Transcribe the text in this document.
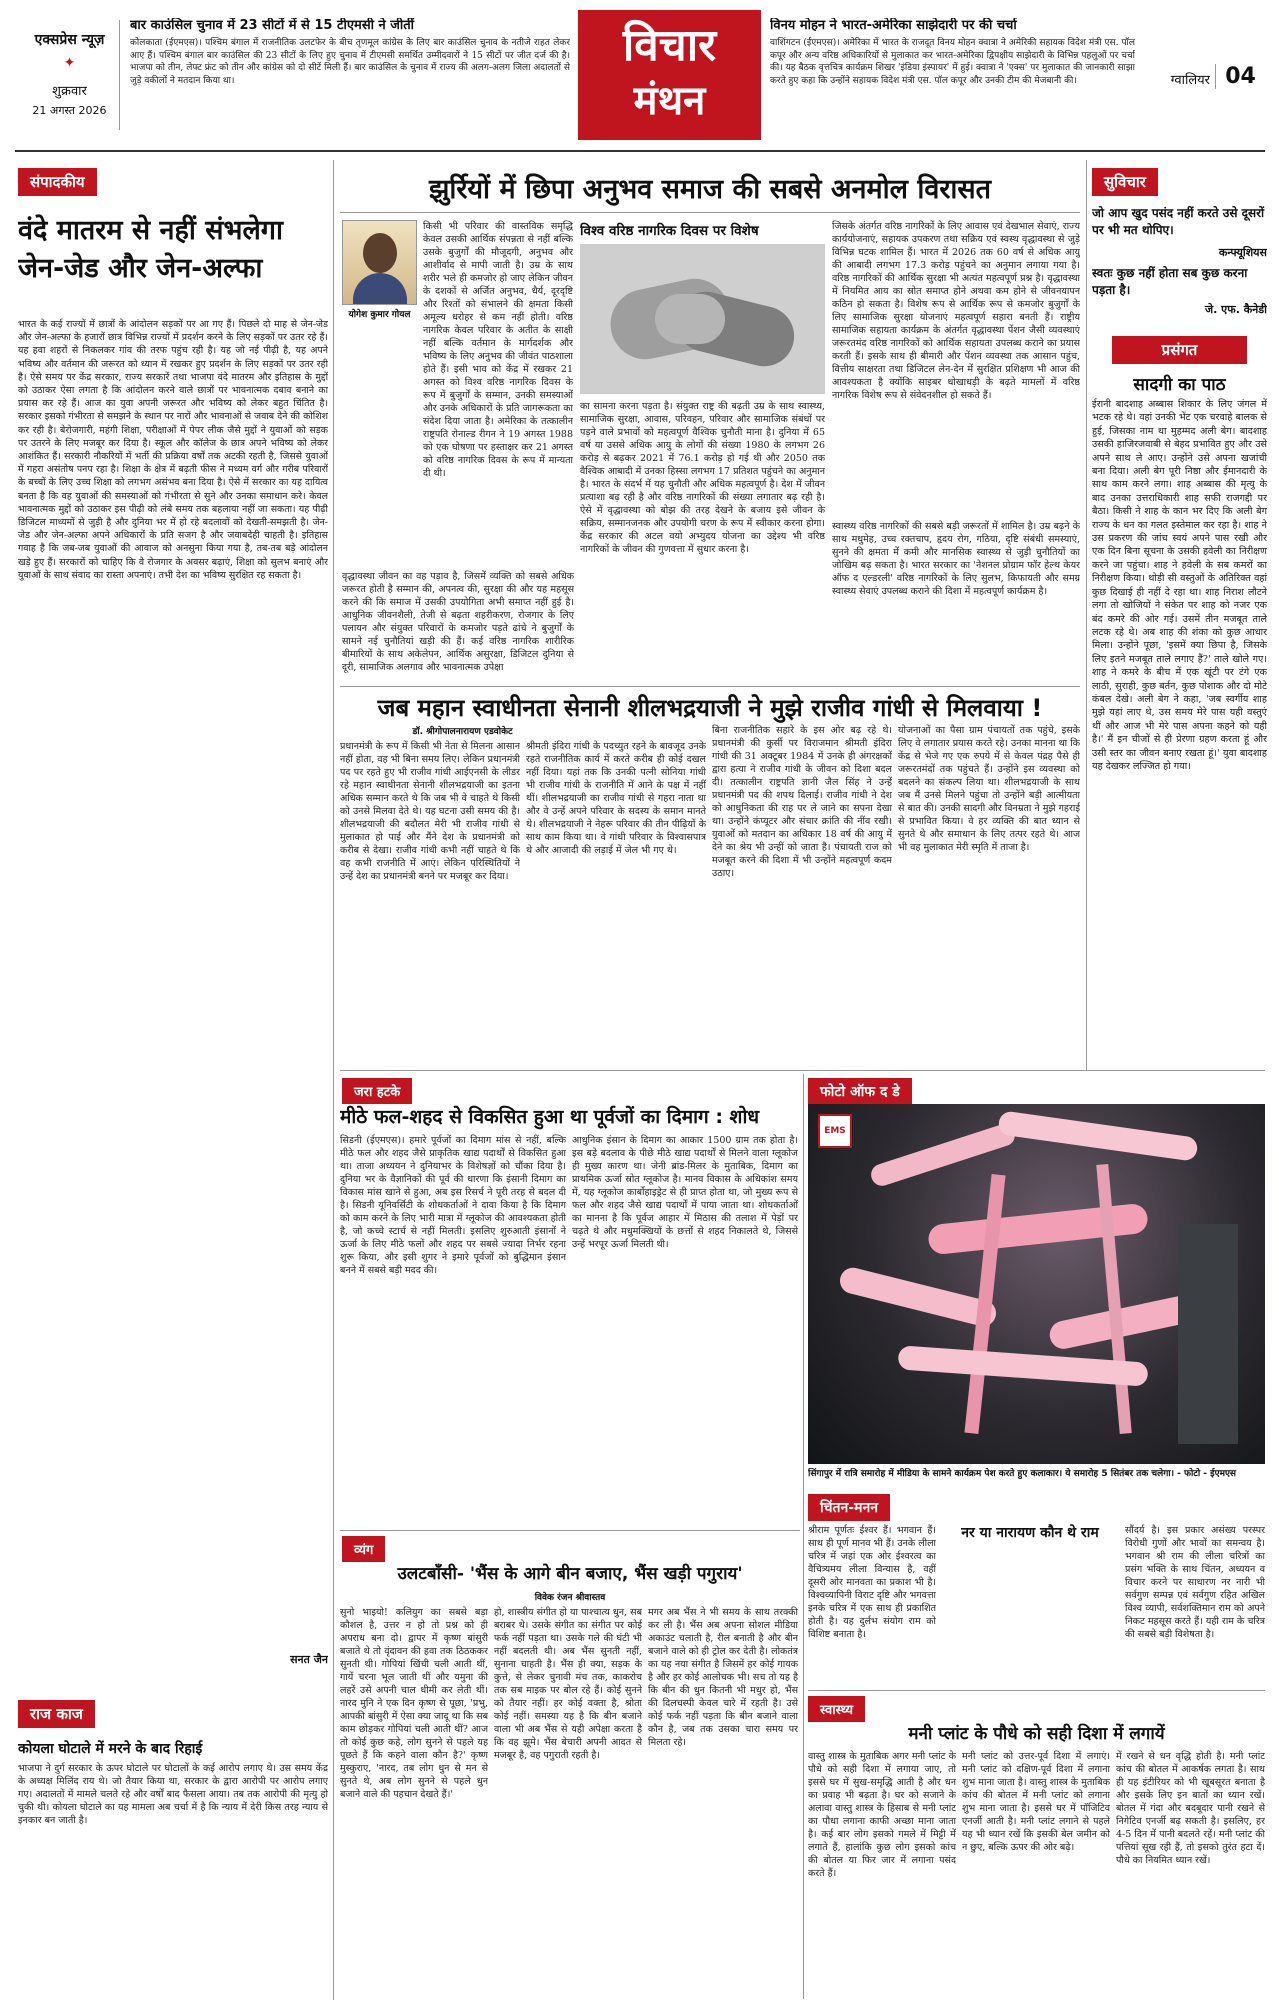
एक्सप्रेस न्यूज़
✦
शुक्रवार
21 अगस्त 2026
बार काउंसिल चुनाव में 23 सीटों में से 15 टीएमसी ने जीतीं
कोलकाता (ईएमएस)। पश्चिम बंगाल में राजनीतिक उलटफेर के बीच तृणमूल कांग्रेस के लिए बार काउंसिल चुनाव के नतीजे राहत लेकर आए हैं। पश्चिम बंगाल बार काउंसिल की 23 सीटों के लिए हुए चुनाव में टीएमसी समर्थित उम्मीदवारों ने 15 सीटों पर जीत दर्ज की है। भाजपा को तीन, लेफ्ट फ्रंट को तीन और कांग्रेस को दो सीटें मिली हैं। बार काउंसिल के चुनाव में राज्य की अलग-अलग जिला अदालतों से जुड़े वकीलों ने मतदान किया था।
विचार
मंथन
विनय मोहन ने भारत-अमेरिका साझेदारी पर की चर्चा
वाशिंगटन (ईएमएस)। अमेरिका में भारत के राजदूत विनय मोहन क्वात्रा ने अमेरिकी सहायक विदेश मंत्री एस. पॉल कपूर और अन्य वरिष्ठ अधिकारियों से मुलाकात कर भारत-अमेरिका द्विपक्षीय साझेदारी के विभिन्न पहलुओं पर चर्चा की। यह बैठक वृत्तचित्र कार्यक्रम शिखर 'इंडिया इंस्पायर' में हुई। क्वात्रा ने 'एक्स' पर मुलाकात की जानकारी साझा करते हुए कहा कि उन्होंने सहायक विदेश मंत्री एस. पॉल कपूर और उनकी टीम की मेजबानी की।	ग्वालियर 04
संपादकीय
वंदे मातरम से नहीं संभलेगा जेन-जेड और जेन-अल्फा
भारत के कई राज्यों में छात्रों के आंदोलन सड़कों पर आ गए हैं। पिछले दो माह से जेन-जेड और जेन-अल्फा के हजारों छात्र विभिन्न राज्यों में प्रदर्शन करने के लिए सड़कों पर उतर रहे हैं। यह हवा शहरों से निकलकर गांव की तरफ पहुंच रही है। यह जो नई पीढ़ी है, यह अपने भविष्य और वर्तमान की जरूरत को ध्यान में रखकर हुए प्रदर्शन के लिए सड़कों पर उतर रही है। ऐसे समय पर केंद्र सरकार, राज्य सरकारें तथा भाजपा वंदे मातरम और इतिहास के मुद्दों को उठाकर ऐसा लगता है कि आंदोलन करने वाले छात्रों पर भावनात्मक दबाव बनाने का प्रयास कर रहे हैं। आज का युवा अपनी जरूरत और भविष्य को लेकर बहुत चिंतित है। सरकार इसको गंभीरता से समझने के स्थान पर नारों और भावनाओं से जवाब देने की कोशिश कर रही है। बेरोजगारी, महंगी शिक्षा, परीक्षाओं में पेपर लीक जैसे मुद्दों ने युवाओं को सड़क पर उतरने के लिए मजबूर कर दिया है। स्कूल और कॉलेज के छात्र अपने भविष्य को लेकर आशंकित हैं। सरकारी नौकरियों में भर्ती की प्रक्रिया वर्षों तक अटकी रहती है, जिससे युवाओं में गहरा असंतोष पनप रहा है। शिक्षा के क्षेत्र में बढ़ती फीस ने मध्यम वर्ग और गरीब परिवारों के बच्चों के लिए उच्च शिक्षा को लगभग असंभव बना दिया है। ऐसे में सरकार का यह दायित्व बनता है कि वह युवाओं की समस्याओं को गंभीरता से सुने और उनका समाधान करे। केवल भावनात्मक मुद्दों को उठाकर इस पीढ़ी को लंबे समय तक बहलाया नहीं जा सकता। यह पीढ़ी डिजिटल माध्यमों से जुड़ी है और दुनिया भर में हो रहे बदलावों को देखती-समझती है। जेन-जेड और जेन-अल्फा अपने अधिकारों के प्रति सजग है और जवाबदेही चाहती है। इतिहास गवाह है कि जब-जब युवाओं की आवाज को अनसुना किया गया है, तब-तब बड़े आंदोलन खड़े हुए हैं। सरकारों को चाहिए कि वे रोजगार के अवसर बढ़ाएं, शिक्षा को सुलभ बनाएं और युवाओं के साथ संवाद का रास्ता अपनाएं। तभी देश का भविष्य सुरक्षित रह सकता है।
सनत जैन
राज काज
कोयला घोटाले में मरने के बाद रिहाई
भाजपा ने दुर्ग सरकार के ऊपर घोटाले पर घोटालों के कई आरोप लगाए थे। उस समय केंद्र के अध्यक्ष मिलिंद राय थे। जो तैयार किया था, सरकार के द्वारा आरोपी पर आरोप लगाए गए। अदालतों में मामले चलते रहे और वर्षों बाद फैसला आया। तब तक आरोपी की मृत्यु हो चुकी थी। कोयला घोटाले का यह मामला अब चर्चा में है कि न्याय में देरी किस तरह न्याय से इनकार बन जाती है।
झुर्रियों में छिपा अनुभव समाज की सबसे अनमोल विरासत
योगेश कुमार गोयल
किसी भी परिवार की वास्तविक समृद्धि केवल उसकी आर्थिक संपन्नता से नहीं बल्कि उसके बुजुर्गों की मौजूदगी, अनुभव और आशीर्वाद से मापी जाती है। उम्र के साथ शरीर भले ही कमजोर हो जाए लेकिन जीवन के दशकों से अर्जित अनुभव, धैर्य, दूरदृष्टि और रिश्तों को संभालने की क्षमता किसी अमूल्य धरोहर से कम नहीं होती। वरिष्ठ नागरिक केवल परिवार के अतीत के साक्षी नहीं बल्कि वर्तमान के मार्गदर्शक और भविष्य के लिए अनुभव की जीवंत पाठशाला होते हैं। इसी भाव को केंद्र में रखकर 21 अगस्त को विश्व वरिष्ठ नागरिक दिवस के रूप में बुजुर्गों के सम्मान, उनकी समस्याओं और उनके अधिकारों के प्रति जागरूकता का संदेश दिया जाता है। अमेरिका के तत्कालीन राष्ट्रपति रोनाल्ड रीगन ने 19 अगस्त 1988 को एक घोषणा पर हस्ताक्षर कर 21 अगस्त को वरिष्ठ नागरिक दिवस के रूप में मान्यता दी थी।
वृद्धावस्था जीवन का वह पड़ाव है, जिसमें व्यक्ति को सबसे अधिक जरूरत होती है सम्मान की, अपनत्व की, सुरक्षा की और यह महसूस करने की कि समाज में उसकी उपयोगिता अभी समाप्त नहीं हुई है। आधुनिक जीवनशैली, तेजी से बढ़ता शहरीकरण, रोजगार के लिए पलायन और संयुक्त परिवारों के कमजोर पड़ते ढांचे ने बुजुर्गों के सामने नई चुनौतियां खड़ी की हैं। कई वरिष्ठ नागरिक शारीरिक बीमारियों के साथ अकेलेपन, आर्थिक असुरक्षा, डिजिटल दुनिया से दूरी, सामाजिक अलगाव और भावनात्मक उपेक्षा
विश्व वरिष्ठ नागरिक दिवस पर विशेष
का सामना करना पड़ता है। संयुक्त राष्ट्र की बढ़ती उम्र के साथ स्वास्थ्य, सामाजिक सुरक्षा, आवास, परिवहन, परिवार और सामाजिक संबंधों पर पड़ने वाले प्रभावों को महत्वपूर्ण वैश्विक चुनौती माना है। दुनिया में 65 वर्ष या उससे अधिक आयु के लोगों की संख्या 1980 के लगभग 26 करोड़ से बढ़कर 2021 में 76.1 करोड़ हो गई थी और 2050 तक वैश्विक आबादी में उनका हिस्सा लगभग 17 प्रतिशत पहुंचने का अनुमान है। भारत के संदर्भ में यह चुनौती और अधिक महत्वपूर्ण है। देश में जीवन प्रत्याशा बढ़ रही है और वरिष्ठ नागरिकों की संख्या लगातार बढ़ रही है। ऐसे में वृद्धावस्था को बोझ की तरह देखने के बजाय इसे जीवन के सक्रिय, सम्मानजनक और उपयोगी चरण के रूप में स्वीकार करना होगा। केंद्र सरकार की अटल वयो अभ्युदय योजना का उद्देश्य भी वरिष्ठ नागरिकों के जीवन की गुणवत्ता में सुधार करना है।
जिसके अंतर्गत वरिष्ठ नागरिकों के लिए आवास एवं देखभाल सेवाएं, राज्य कार्ययोजनाएं, सहायक उपकरण तथा सक्रिय एवं स्वस्थ वृद्धावस्था से जुड़े विभिन्न घटक शामिल हैं। भारत में 2026 तक 60 वर्ष से अधिक आयु की आबादी लगभग 17.3 करोड़ पहुंचने का अनुमान लगाया गया है। वरिष्ठ नागरिकों की आर्थिक सुरक्षा भी अत्यंत महत्वपूर्ण प्रश्न है। वृद्धावस्था में नियमित आय का स्रोत समाप्त होने अथवा कम होने से जीवनयापन कठिन हो सकता है। विशेष रूप से आर्थिक रूप से कमजोर बुजुर्गों के लिए सामाजिक सुरक्षा योजनाएं महत्वपूर्ण सहारा बनती हैं। राष्ट्रीय सामाजिक सहायता कार्यक्रम के अंतर्गत वृद्धावस्था पेंशन जैसी व्यवस्थाएं जरूरतमंद वरिष्ठ नागरिकों को आर्थिक सहायता उपलब्ध कराने का प्रयास करती हैं। इसके साथ ही बीमारी और पेंशन व्यवस्था तक आसान पहुंच, वित्तीय साक्षरता तथा डिजिटल लेन-देन में सुरक्षित प्रशिक्षण भी आज की आवश्यकता है क्योंकि साइबर धोखाधड़ी के बढ़ते मामलों में वरिष्ठ नागरिक विशेष रूप से संवेदनशील हो सकते हैं।
स्वास्थ्य वरिष्ठ नागरिकों की सबसे बड़ी जरूरतों में शामिल है। उम्र बढ़ने के साथ मधुमेह, उच्च रक्तचाप, हृदय रोग, गठिया, दृष्टि संबंधी समस्याएं, सुनने की क्षमता में कमी और मानसिक स्वास्थ्य से जुड़ी चुनौतियों का जोखिम बढ़ सकता है। भारत सरकार का 'नेशनल प्रोग्राम फॉर हेल्थ केयर ऑफ द एल्डरली' वरिष्ठ नागरिकों के लिए सुलभ, किफायती और समग्र स्वास्थ्य सेवाएं उपलब्ध कराने की दिशा में महत्वपूर्ण कार्यक्रम है।
सुविचार
जो आप खुद पसंद नहीं करते उसे दूसरों पर भी मत थोपिए।
कन्फ्यूशियस
स्वतः कुछ नहीं होता सब कुछ करना पड़ता है।
जे. एफ. कैनेडी
प्रसंगत
सादगी का पाठ
ईरानी बादशाह अब्बास शिकार के लिए जंगल में भटक रहे थे। वहां उनकी भेंट एक चरवाहे बालक से हुई, जिसका नाम था मुहम्मद अली बेग। बादशाह उसकी हाजिरजवाबी से बेहद प्रभावित हुए और उसे अपने साथ ले आए। उन्होंने उसे अपना खजांची बना दिया। अली बेग पूरी निष्ठा और ईमानदारी के साथ काम करने लगा। शाह अब्बास की मृत्यु के बाद उनका उत्तराधिकारी शाह सफी राजगद्दी पर बैठा। किसी ने शाह के कान भर दिए कि अली बेग राज्य के धन का गलत इस्तेमाल कर रहा है। शाह ने उस प्रकरण की जांच स्वयं अपने पास रखी और एक दिन बिना सूचना के उसकी हवेली का निरीक्षण करने जा पहुंचा। शाह ने हवेली के सब कमरों का निरीक्षण किया। थोड़ी सी वस्तुओं के अतिरिक्त वहां कुछ दिखाई ही नहीं दे रहा था। शाह निराश लौटने लगा तो खोजियों ने संकेत पर शाह को नजर एक बंद कमरे की ओर गई। उसमें तीन मजबूत ताले लटक रहे थे। अब शाह की शंका को कुछ आधार मिला। उन्होंने पूछा, 'इसमें क्या छिपा है, जिसके लिए इतने मजबूत ताले लगाए हैं?' ताले खोले गए। शाह ने कमरे के बीच में एक खूंटी पर टंगे एक लाठी, सुराही, कुछ बर्तन, कुछ पोशाक और दो मोटे कंबल देखे। अली बेग ने कहा, 'जब स्वर्गीय शाह मुझे यहां लाए थे, उस समय मेरे पास यही वस्तुएं थीं और आज भी मेरे पास अपना कहने को यही है।' मैं इन चीजों से ही प्रेरणा ग्रहण करता हूं और उसी स्तर का जीवन बनाए रखता हूं।' युवा बादशाह यह देखकर लज्जित हो गया।
जब महान स्वाधीनता सेनानी शीलभद्रयाजी ने मुझे राजीव गांधी से मिलवाया !
डॉ. श्रीगोपालनारायण एडवोकेट
प्रधानमंत्री के रूप में किसी भी नेता से मिलना आसान नहीं होता, वह भी बिना समय लिए। लेकिन प्रधानमंत्री पद पर रहते हुए भी राजीव गांधी आईएनसी के लीडर रहे महान स्वाधीनता सेनानी शीलभद्रयाजी का इतना अधिक सम्मान करते थे कि जब भी वे चाहते थे किसी को उनसे मिलवा देते थे। यह घटना उसी समय की है। शीलभद्रयाजी की बदौलत मेरी भी राजीव गांधी से मुलाकात हो पाई और मैंने देश के प्रधानमंत्री को करीब से देखा। राजीव गांधी कभी नहीं चाहते थे कि वह कभी राजनीति में आएं। लेकिन परिस्थितियों ने उन्हें देश का प्रधानमंत्री बनने पर मजबूर कर दिया।
श्रीमती इंदिरा गांधी के पदच्युत रहने के बावजूद उनके रहते राजनीतिक कार्य में करते करीब ही कोई दखल नहीं दिया। यहां तक कि उनकी पत्नी सोनिया गांधी भी राजीव गांधी के राजनीति में आने के पक्ष में नहीं थीं। शीलभद्रयाजी का राजीव गांधी से गहरा नाता था और वे उन्हें अपने परिवार के सदस्य के समान मानते थे। शीलभद्रयाजी ने नेहरू परिवार की तीन पीढ़ियों के साथ काम किया था। वे गांधी परिवार के विश्वासपात्र थे और आजादी की लड़ाई में जेल भी गए थे।
बिना राजनीतिक सहारे के इस ओर बढ़ रहे थे। प्रधानमंत्री की कुर्सी पर विराजमान श्रीमती इंदिरा गांधी की 31 अक्टूबर 1984 में उनके ही अंगरक्षकों द्वारा हत्या ने राजीव गांधी के जीवन को दिशा बदल दी। तत्कालीन राष्ट्रपति ज्ञानी जैल सिंह ने उन्हें प्रधानमंत्री पद की शपथ दिलाई। राजीव गांधी ने देश को आधुनिकता की राह पर ले जाने का सपना देखा था। उन्होंने कंप्यूटर और संचार क्रांति की नींव रखी। युवाओं को मतदान का अधिकार 18 वर्ष की आयु में देने का श्रेय भी उन्हीं को जाता है। पंचायती राज को मजबूत करने की दिशा में भी उन्होंने महत्वपूर्ण कदम उठाए।
योजनाओं का पैसा ग्राम पंचायतों तक पहुंचे, इसके लिए वे लगातार प्रयास करते रहे। उनका मानना था कि केंद्र से भेजे गए एक रुपये में से केवल पंद्रह पैसे ही जरूरतमंदों तक पहुंचते हैं। उन्होंने इस व्यवस्था को बदलने का संकल्प लिया था। शीलभद्रयाजी के साथ जब मैं उनसे मिलने पहुंचा तो उन्होंने बड़ी आत्मीयता से बात की। उनकी सादगी और विनम्रता ने मुझे गहराई से प्रभावित किया। वे हर व्यक्ति की बात ध्यान से सुनते थे और समाधान के लिए तत्पर रहते थे। आज भी वह मुलाकात मेरी स्मृति में ताजा है।
जरा हटके
मीठे फल-शहद से विकसित हुआ था पूर्वजों का दिमाग : शोध
सिडनी (ईएमएस)। हमारे पूर्वजों का दिमाग मांस से नहीं, बल्कि मीठे फल और शहद जैसे प्राकृतिक खाद्य पदार्थों से विकसित हुआ था। ताजा अध्ययन ने दुनियाभर के विशेषज्ञों को चौंका दिया है। दुनिया भर के वैज्ञानिकों की पूर्व की धारणा कि इंसानी दिमाग का विकास मांस खाने से हुआ, अब इस रिसर्च ने पूरी तरह से बदल दी है। सिडनी यूनिवर्सिटी के शोधकर्ताओं ने दावा किया है कि दिमाग को काम करने के लिए भारी मात्रा में ग्लूकोज की आवश्यकता होती है, जो कच्चे स्टार्च से नहीं मिलती। इसलिए शुरुआती इंसानों ने ऊर्जा के लिए मीठे फलों और शहद पर सबसे ज्यादा निर्भर रहना शुरू किया, और इसी शुगर ने इमारे पूर्वजों को बुद्धिमान इंसान बनने में सबसे बड़ी मदद की।
आधुनिक इंसान के दिमाग का आकार 1500 ग्राम तक होता है। इस बड़े बदलाव के पीछे मीठे खाद्य पदार्थों से मिलने वाला ग्लूकोज ही मुख्य कारण था। जेनी ब्रांड-मिलर के मुताबिक, दिमाग का प्राथमिक ऊर्जा स्रोत ग्लूकोज है। मानव विकास के अधिकांश समय में, यह ग्लूकोज कार्बोहाइड्रेट से ही प्राप्त होता था, जो मुख्य रूप से फल और शहद जैसे खाद्य पदार्थों में पाया जाता था। शोधकर्ताओं का मानना है कि पूर्वज आहार में मिठास की तलाश में पेड़ों पर चढ़ते थे और मधुमक्खियों के छत्तों से शहद निकालते थे, जिससे उन्हें भरपूर ऊर्जा मिलती थी।
फोटो ऑफ द डे
EMS
सिंगापुर में रात्रि समारोह में मीडिया के सामने कार्यक्रम पेश करते हुए कलाकार। ये समारोह 5 सितंबर तक चलेगा। - फोटो - ईएमएस
चिंतन-मनन
नर या नारायण कौन थे राम
श्रीराम पूर्णतः ईश्वर हैं। भगवान हैं। साथ ही पूर्ण मानव भी हैं। उनके लीला चरित्र में जहां एक ओर ईश्वरत्व का वैचित्र्यमय लीला विन्यास है, वहीं दूसरी ओर मानवता का प्रकाश भी है। विश्वव्यापिनी विराट दृष्टि और भगवत्ता इनके चरित्र में एक साथ ही प्रकाशित होती है। यह दुर्लभ संयोग राम को विशिष्ट बनाता है।
सौंदर्य है। इस प्रकार असंख्य परस्पर विरोधी गुणों और भावों का समन्वय है। भगवान श्री राम की लीला चरित्रों का प्रसंग भक्ति के साथ चिंतन, अध्ययन व विचार करने पर साधारण नर नारी भी सर्वगुण सम्पन्न एवं सर्वगुण रहित अखिल विश्व व्यापी, सर्वशक्तिमान राम को अपने निकट महसूस करते हैं। यही राम के चरित्र की सबसे बड़ी विशेषता है।
व्यंग
उलटबाँसी- 'भैंस के आगे बीन बजाए, भैंस खड़ी पगुराय'
विवेक रंजन श्रीवास्तव
सुनो भाइयो! कलियुग का सबसे बड़ा कौशल है, उत्तर न हो तो प्रश्न को ही अपराध बना दो। द्वापर में कृष्ण बांसुरी बजाते थे तो वृंदावन की हवा तक ठिठककर सुनती थी। गोपियां खिंची चली आती थीं, गायें चरना भूल जाती थीं और यमुना की लहरें उसे अपनी चाल धीमी कर लेती थीं। नारद मुनि ने एक दिन कृष्ण से पूछा, 'प्रभु, आपकी बांसुरी में ऐसा क्या जादू था कि सब काम छोड़कर गोपियां चली आती थीं? आज तो कोई कुछ कहे, लोग सुनने से पहले यह पूछते हैं कि कहने वाला कौन है?' कृष्ण मुस्कुराए, 'नारद, तब लोग धुन से मन से सुनते थे, अब लोग सुनने से पहले धुन बजाने वाले की पहचान देखते हैं।'
हो, शास्त्रीय संगीत हो या पाश्चात्य धुन, सब बराबर थे। उसके संगीत का संगीत पर कोई फर्क नहीं पड़ता था। उसके गले की घंटी भी नहीं बदलती थी। अब भैंस सुनती नहीं, सुनाना चाहती है। भैंस ही क्या, सड़क के कुत्ते, से लेकर चुनावी मंच तक, काकरोच तक सब माइक पर बोल रहे हैं। कोई सुनने को तैयार नहीं। हर कोई वक्ता है, श्रोता कोई नहीं। समस्या यह है कि बीन बजाने वाला भी अब भैंस से यही अपेक्षा करता है कि वह झूमे। भैंस बेचारी अपनी आदत से मजबूर है, वह पगुराती रहती है।
मगर अब भैंस ने भी समय के साथ तरक्की कर ली है। भैंस अब अपना सोशल मीडिया अकाउंट चलाती है, रील बनाती है और बीन बजाने वाले को ही ट्रोल कर देती है। लोकतंत्र का यह नया संगीत है जिसमें हर कोई गायक है और हर कोई आलोचक भी। सच तो यह है कि बीन की धुन कितनी भी मधुर हो, भैंस की दिलचस्पी केवल चारे में रहती है। उसे कोई फर्क नहीं पड़ता कि बीन बजाने वाला कौन है, जब तक उसका चारा समय पर मिलता रहे।
स्वास्थ्य
मनी प्लांट के पौधे को सही दिशा में लगायें
वास्तु शास्त्र के मुताबिक अगर मनी प्लांट के पौधे को सही दिशा में लगाया जाए, तो इससे घर में सुख-समृद्धि आती है और धन का प्रवाह भी बढ़ता है। घर को सजाने के अलावा वास्तु शास्त्र के हिसाब से मनी प्लांट का पौधा लगाना काफी अच्छा माना जाता है। कई बार लोग इसको गमले में मिट्टी में लगाते हैं, हालांकि कुछ लोग इसको कांच की बोतल या फिर जार में लगाना पसंद करते हैं।
मनी प्लांट को उत्तर-पूर्व दिशा में लगाएं। मनी प्लांट को दक्षिण-पूर्व दिशा में लगाना शुभ माना जाता है। वास्तु शास्त्र के मुताबिक कांच की बोतल में मनी प्लांट को लगाना शुभ माना जाता है। इससे घर में पॉजिटिव एनर्जी आती है। मनी प्लांट लगाने से पहले यह भी ध्यान रखें कि इसकी बेल जमीन को न छुए, बल्कि ऊपर की ओर बढ़े।
में रखने से धन वृद्धि होती है। मनी प्लांट कांच की बोतल में आकर्षक लगता है। साथ ही यह इंटीरियर को भी खूबसूरत बनाता है और इसके लिए इन बातों का ध्यान रखें। बोतल में गंदा और बदबूदार पानी रखने से निगेटिव एनर्जी बढ़ सकती है। इसलिए, हर 4-5 दिन में पानी बदलते रहें। मनी प्लांट की पत्तियां सूख रही हैं, तो इसको तुरंत हटा दें। पौधे का नियमित ध्यान रखें।
